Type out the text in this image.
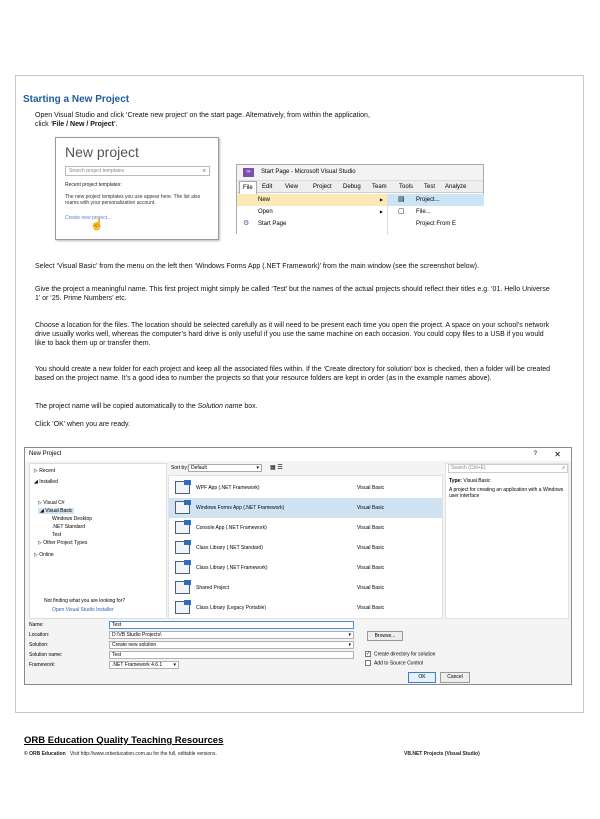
Starting a New Project
Open Visual Studio and click ‘Create new project’ on the start page. Alternatively, from within the application,
click ‘File / New / Project’.
New project
Search project templates	⌕
Recent project templates:
The new project templates you use appear here. The list also roams with your personalization account.
Create new project...
☝
∞	Start Page - Microsoft Visual Studio
File	Edit View	Project Debug Team Tools Test Analyze
New	▶
Open	▶
⚙ Start Page
▤ Project...
▢ File...
Project From E
Select ‘Visual Basic’ from the menu on the left then ‘Windows Forms App (.NET Framework)’ from the main window (see the screenshot below).
Give the project a meaningful name. This first project might simply be called ‘Test’ but the names of the actual projects should reflect their titles e.g. ‘01. Hello Universe 1’ or ‘25. Prime Numbers’ etc.
Choose a location for the files. The location should be selected carefully as it will need to be present each time you open the project. A space on your school’s network drive usually works well, whereas the computer’s hard drive is only useful if you use the same machine on each occasion. You could copy files to a USB if you would like to back them up or transfer them.
You should create a new folder for each project and keep all the associated files within. If the ‘Create directory for solution’ box is checked, then a folder will be created based on the project name. It’s a good idea to number the projects so that your resource folders are kept in order (as in the example names above).
The project name will be copied automatically to the Solution name box.
Click ‘OK’ when you are ready.
New Project	? ✕
▷ Recent
◢ Installed
▷ Visual C#
◢ Visual Basic
Windows Desktop
.NET Standard
Test
▷ Other Project Types
▷ Online
Not finding what you are looking for?
Open Visual Studio Installer
Sort by: Default	▾ ▦ ☰
WPF App (.NET Framework)	Visual Basic
Windows Forms App (.NET Framework)	Visual Basic
Console App (.NET Framework)	Visual Basic
Class Library (.NET Standard)	Visual Basic
Class Library (.NET Framework)	Visual Basic
Shared Project	Visual Basic
Class Library (Legacy Portable)	Visual Basic
Search (Ctrl+E)	⌕
Type: Visual Basic
A project for creating an application with a Windows user interface
Name:	Test
Location:	D:\VB Studio Projects\	▾
Solution:	Create new solution	▾
Solution name:	Test
Framework:	.NET Framework 4.6.1 ▾
Browse...
✓ Create directory for solution
Add to Source Control
OK	Cancel
ORB Education Quality Teaching Resources
© ORB Education Visit http://www.orbeducation.com.au for the full, editable versions.	VB.NET Projects (Visual Studio)
